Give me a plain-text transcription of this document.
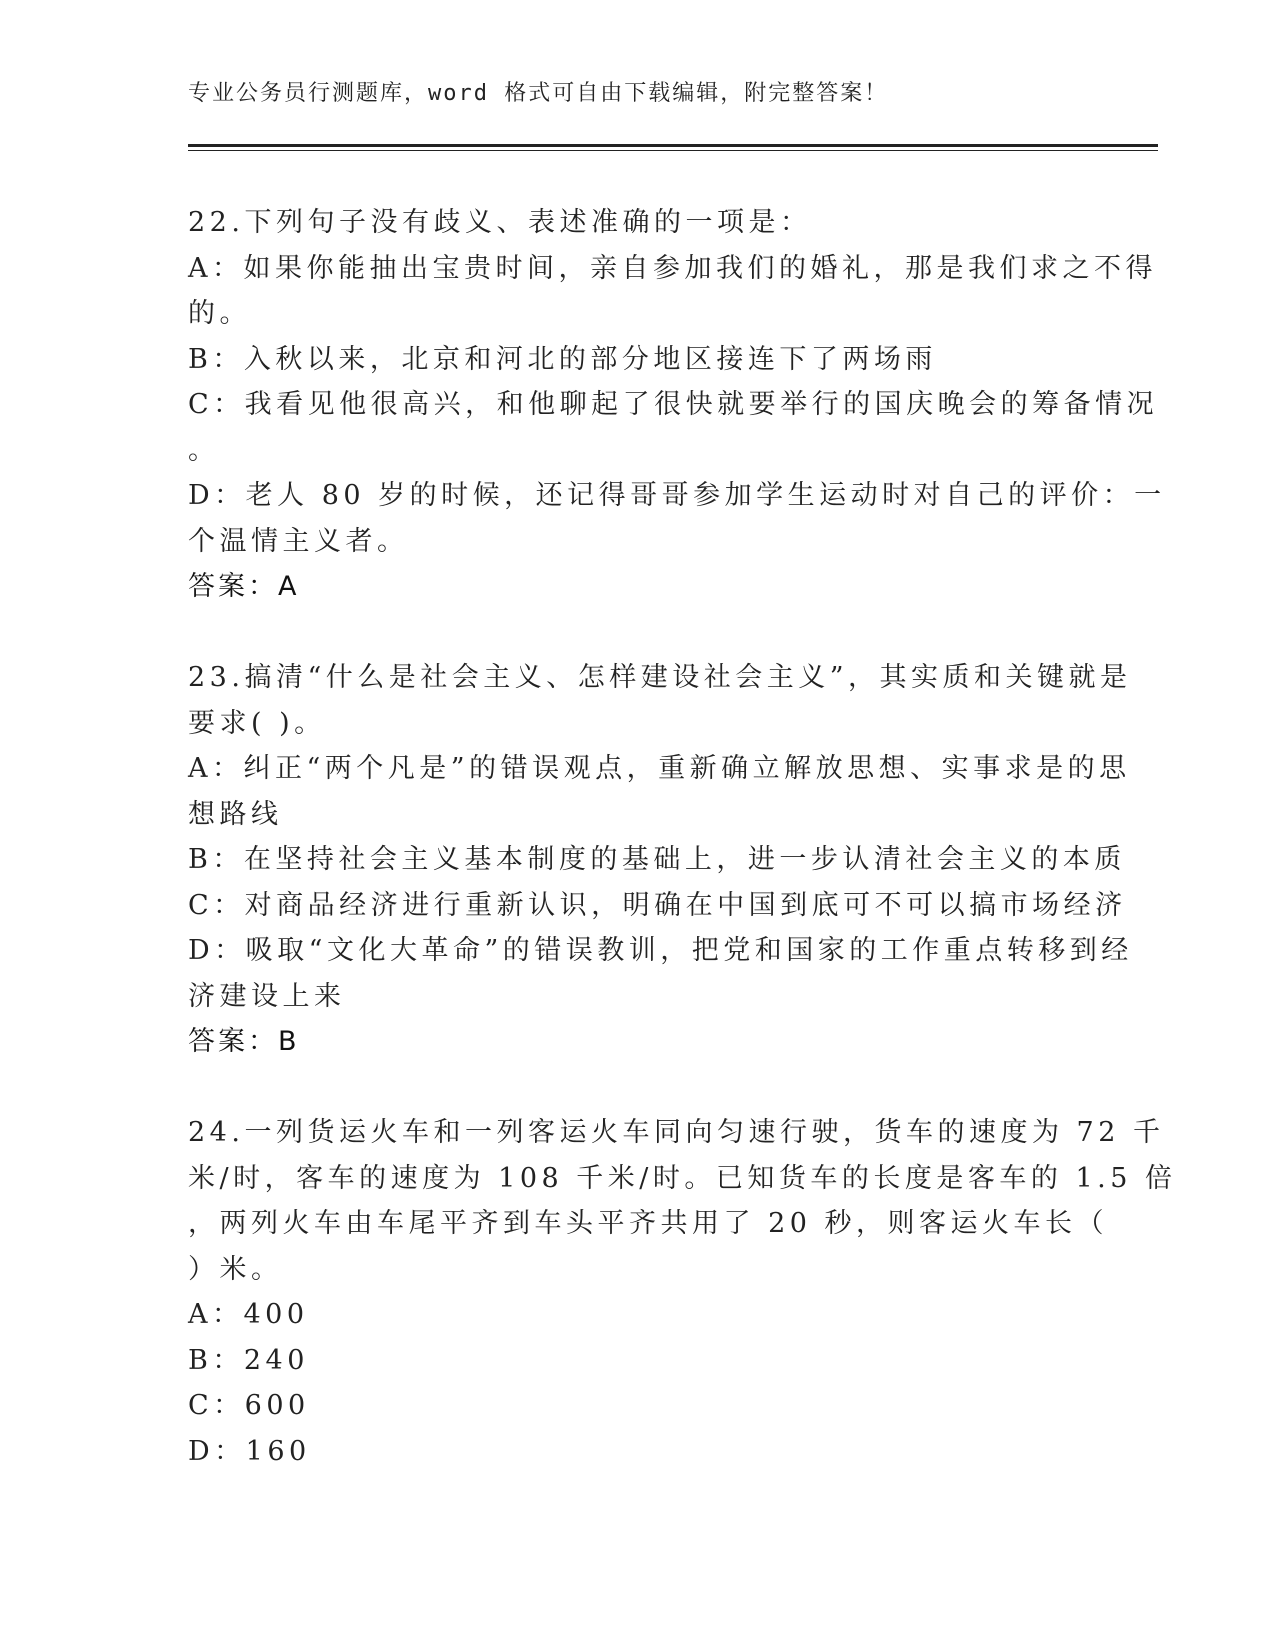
专业公务员行测题库，word 格式可自由下载编辑，附完整答案！
22.下列句子没有歧义、表述准确的一项是：
A：如果你能抽出宝贵时间，亲自参加我们的婚礼，那是我们求之不得
的。
B：入秋以来，北京和河北的部分地区接连下了两场雨
C：我看见他很高兴，和他聊起了很快就要举行的国庆晚会的筹备情况
。
D：老人 80 岁的时候，还记得哥哥参加学生运动时对自己的评价：一
个温情主义者。
答案：A
23.搞清“什么是社会主义、怎样建设社会主义”，其实质和关键就是
要求( )。
A：纠正“两个凡是”的错误观点，重新确立解放思想、实事求是的思
想路线
B：在坚持社会主义基本制度的基础上，进一步认清社会主义的本质
C：对商品经济进行重新认识，明确在中国到底可不可以搞市场经济
D：吸取“文化大革命”的错误教训，把党和国家的工作重点转移到经
济建设上来
答案：B
24.一列货运火车和一列客运火车同向匀速行驶，货车的速度为 72 千
米/时，客车的速度为 108 千米/时。已知货车的长度是客车的 1.5 倍
，两列火车由车尾平齐到车头平齐共用了 20 秒，则客运火车长（
）米。
A：400
B：240
C：600
D：160
